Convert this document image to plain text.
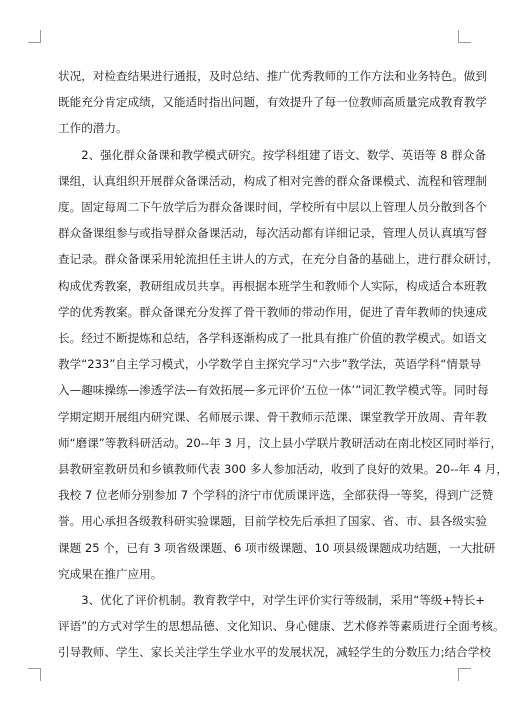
状况，对检查结果进行通报，及时总结、推广优秀教师的工作方法和业务特色。做到

既能充分肯定成绩，又能适时指出问题，有效提升了每一位教师高质量完成教育教学

工作的潜力。

　　2、强化群众备课和教学模式研究。按学科组建了语文、数学、英语等 8 群众备

课组，认真组织开展群众备课活动，构成了相对完善的群众备课模式、流程和管理制

度。固定每周二下午放学后为群众备课时间，学校所有中层以上管理人员分散到各个

群众备课组参与或指导群众备课活动，每次活动都有详细记录，管理人员认真填写督

查记录。群众备课采用轮流担任主讲人的方式，在充分自备的基础上，进行群众研讨，

构成优秀教案，教研组成员共享。再根据本班学生和教师个人实际，构成适合本班教

学的优秀教案。群众备课充分发挥了骨干教师的带动作用，促进了青年教师的快速成

长。经过不断提炼和总结，各学科逐渐构成了一批具有推广价值的教学模式。如语文

教学“233”自主学习模式，小学数学自主探究学习“六步”教学法，英语学科“情景导

入—趣味操练—渗透学法—有效拓展—多元评价‘五位一体’”词汇教学模式等。同时每

学期定期开展组内研究课、名师展示课、骨干教师示范课、课堂教学开放周、青年教

师“磨课”等教科研活动。20--年 3 月，汶上县小学联片教研活动在南北校区同时举行，

县教研室教研员和乡镇教师代表 300 多人参加活动，收到了良好的效果。20--年 4 月，

我校 7 位老师分别参加 7 个学科的济宁市优质课评选，全部获得一等奖，得到广泛赞

誉。用心承担各级教科研实验课题，目前学校先后承担了国家、省、市、县各级实验

课题 25 个，已有 3 项省级课题、6 项市级课题、10 项县级课题成功结题，一大批研

究成果在推广应用。

　　3、优化了评价机制。教育教学中，对学生评价实行等级制，采用“等级+特长+

评语”的方式对学生的思想品德、文化知识、身心健康、艺术修养等素质进行全面考核。

引导教师、学生、家长关注学生学业水平的发展状况，减轻学生的分数压力;结合学校
